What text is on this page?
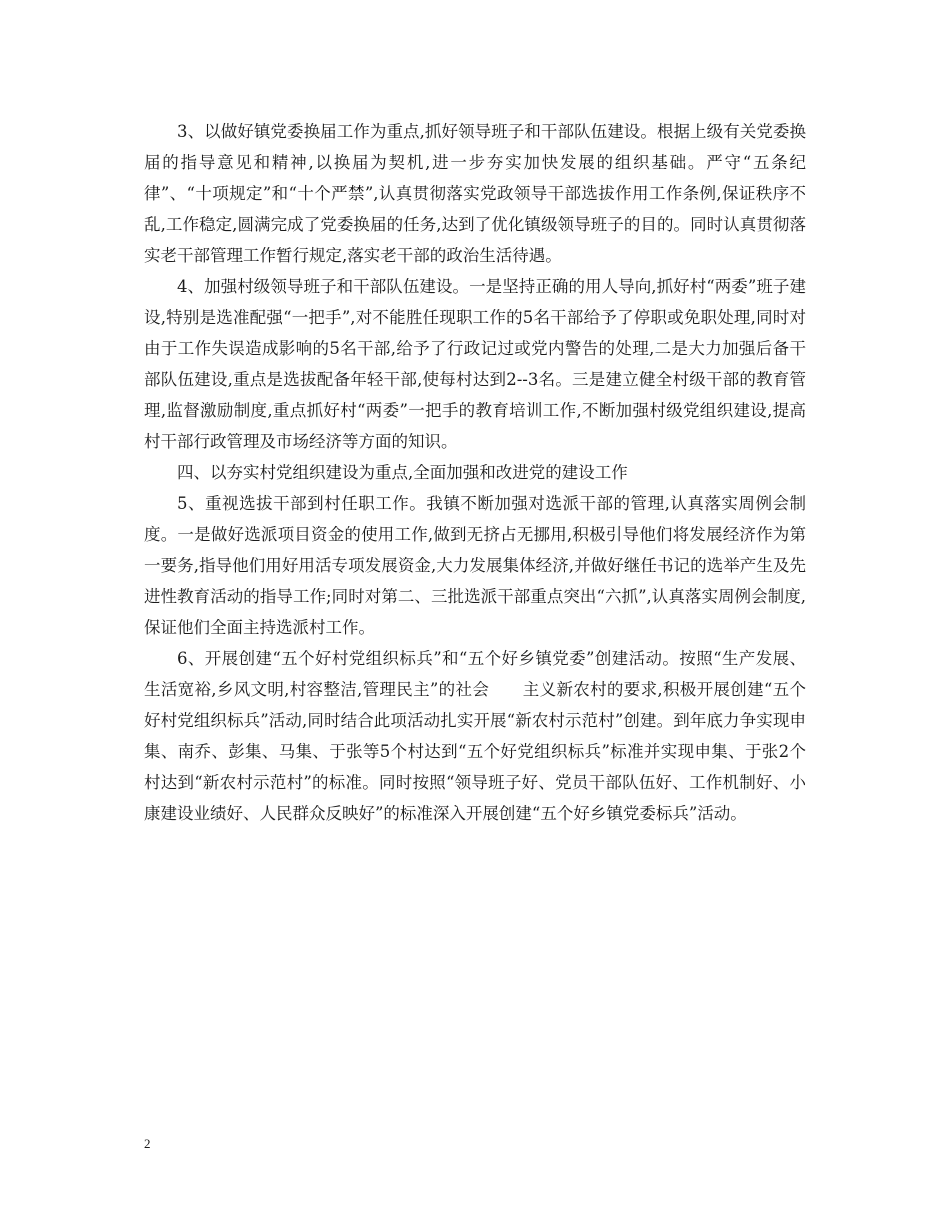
3、以做好镇党委换届工作为重点,抓好领导班子和干部队伍建设。根据上级有关党委换届的指导意见和精神,以换届为契机,进一步夯实加快发展的组织基础。严守“五条纪律”、“十项规定”和“十个严禁”,认真贯彻落实党政领导干部选拔作用工作条例,保证秩序不乱,工作稳定,圆满完成了党委换届的任务,达到了优化镇级领导班子的目的。同时认真贯彻落实老干部管理工作暂行规定,落实老干部的政治生活待遇。

4、加强村级领导班子和干部队伍建设。一是坚持正确的用人导向,抓好村“两委”班子建设,特别是选准配强“一把手”,对不能胜任现职工作的5名干部给予了停职或免职处理,同时对由于工作失误造成影响的5名干部,给予了行政记过或党内警告的处理,二是大力加强后备干部队伍建设,重点是选拔配备年轻干部,使每村达到2--3名。三是建立健全村级干部的教育管理,监督激励制度,重点抓好村“两委”一把手的教育培训工作,不断加强村级党组织建设,提高村干部行政管理及市场经济等方面的知识。

四、以夯实村党组织建设为重点,全面加强和改进党的建设工作

5、重视选拔干部到村任职工作。我镇不断加强对选派干部的管理,认真落实周例会制度。一是做好选派项目资金的使用工作,做到无挤占无挪用,积极引导他们将发展经济作为第一要务,指导他们用好用活专项发展资金,大力发展集体经济,并做好继任书记的选举产生及先进性教育活动的指导工作;同时对第二、三批选派干部重点突出“六抓”,认真落实周例会制度,保证他们全面主持选派村工作。

6、开展创建“五个好村党组织标兵”和“五个好乡镇党委”创建活动。按照“生产发展、生活宽裕,乡风文明,村容整洁,管理民主”的社会　　主义新农村的要求,积极开展创建“五个好村党组织标兵”活动,同时结合此项活动扎实开展“新农村示范村”创建。到年底力争实现申集、南乔、彭集、马集、于张等5个村达到“五个好党组织标兵”标准并实现申集、于张2个村达到“新农村示范村”的标准。同时按照“领导班子好、党员干部队伍好、工作机制好、小康建设业绩好、人民群众反映好”的标准深入开展创建“五个好乡镇党委标兵”活动。

2
